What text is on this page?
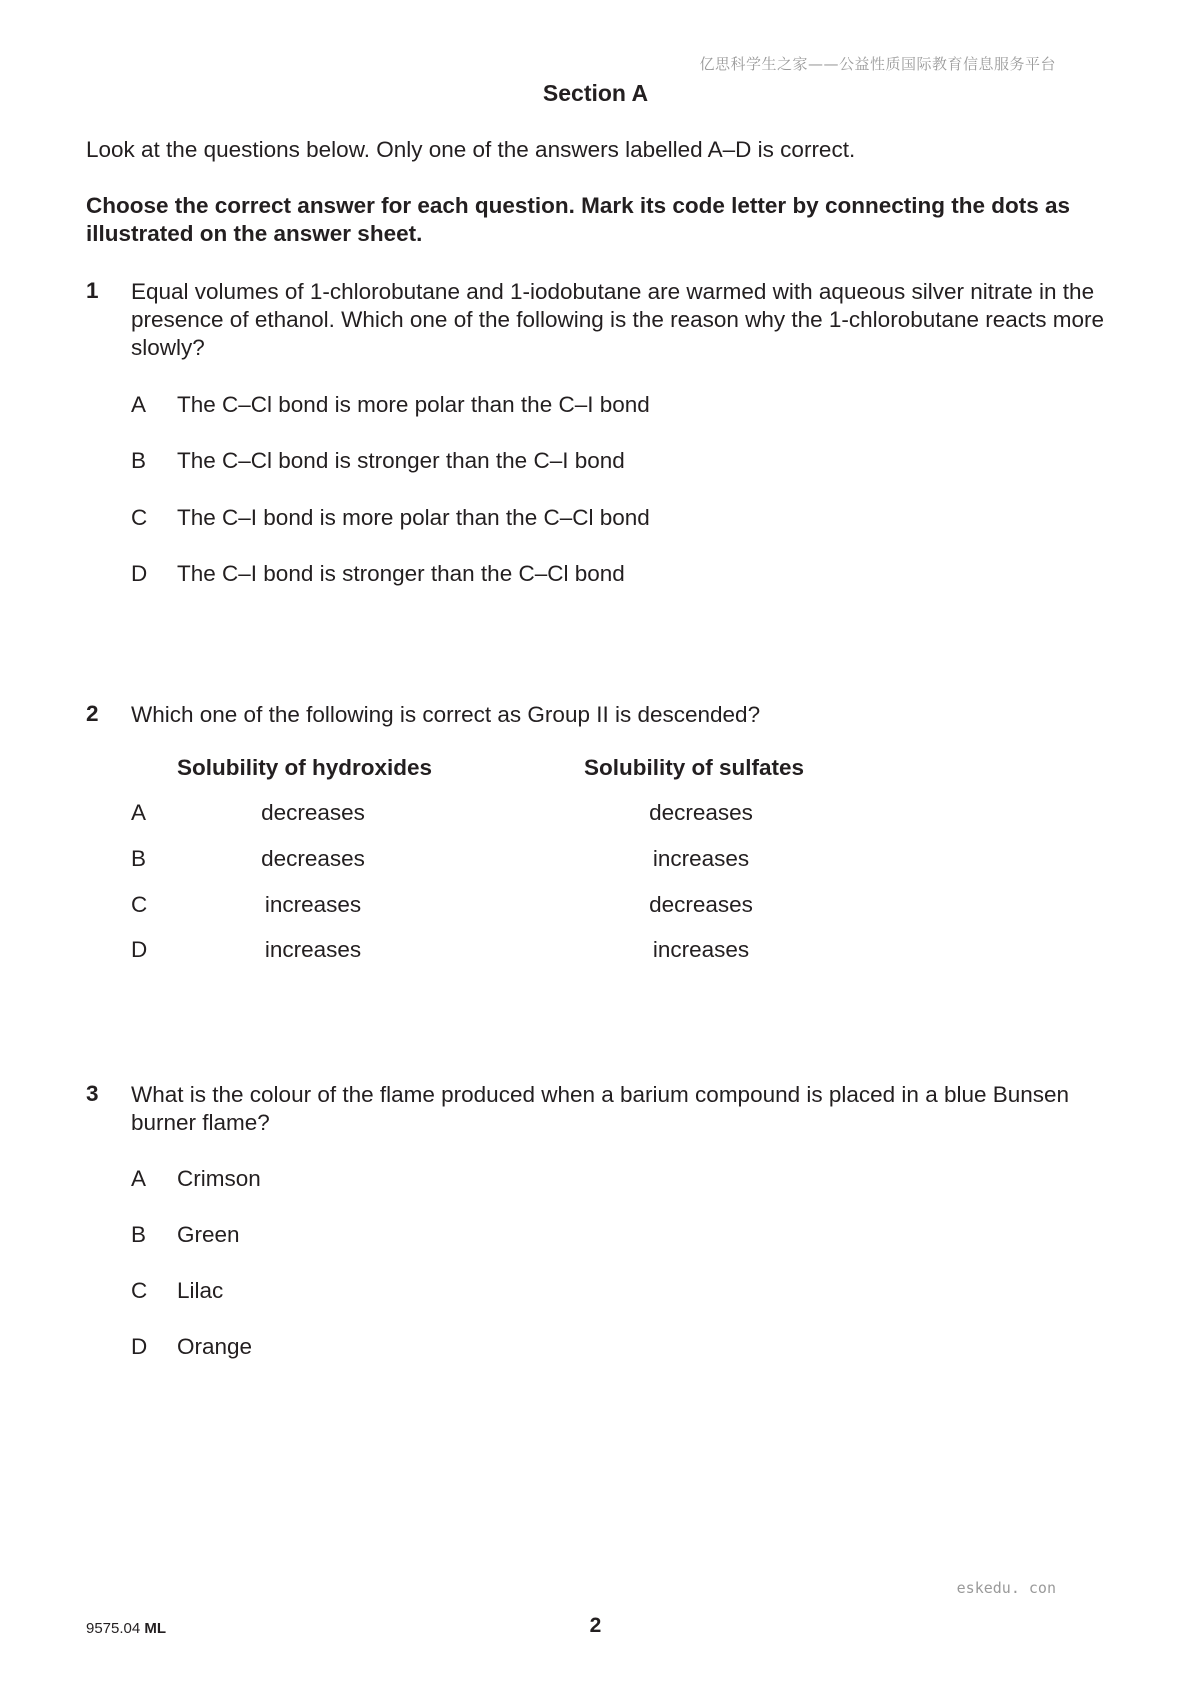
亿思科学生之家——公益性质国际教育信息服务平台
Section A
Look at the questions below. Only one of the answers labelled A–D is correct.
Choose the correct answer for each question. Mark its code letter by connecting the dots as illustrated on the answer sheet.
1 Equal volumes of 1-chlorobutane and 1-iodobutane are warmed with aqueous silver nitrate in the presence of ethanol. Which one of the following is the reason why the 1-chlorobutane reacts more slowly?
A The C–Cl bond is more polar than the C–I bond
B The C–Cl bond is stronger than the C–I bond
C The C–I bond is more polar than the C–Cl bond
D The C–I bond is stronger than the C–Cl bond
2 Which one of the following is correct as Group II is descended?
Solubility of hydroxides	Solubility of sulfates
A	decreases	decreases
B	decreases	increases
C	increases	decreases
D	increases	increases
3 What is the colour of the flame produced when a barium compound is placed in a blue Bunsen burner flame?
A Crimson
B Green
C Lilac
D Orange
eskedu. con
9575.04 ML	2
